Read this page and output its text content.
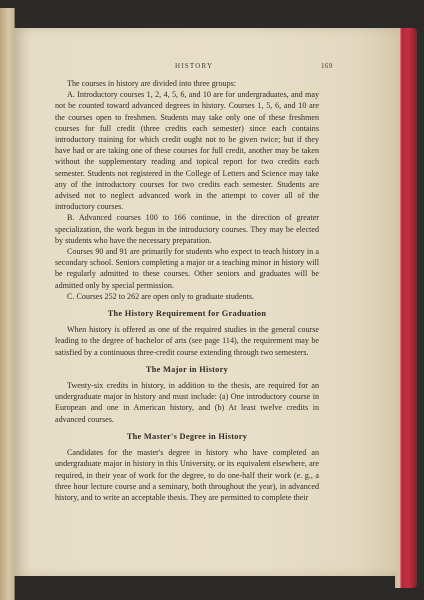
HISTORY	169

The courses in history are divided into three groups:

A. Introductory courses 1, 2, 4, 5, 6, and 10 are for undergraduates, and may not be counted toward advanced degrees in history. Courses 1, 5, 6, and 10 are the courses open to freshmen. Students may take only one of these freshmen courses for full credit (three credits each semester) since each contains introductory training for which credit ought not to be given twice; but if they have had or are taking one of these courses for full credit, another may be taken without the supplementary reading and topical report for two credits each semester. Students not registered in the College of Letters and Science may take any of the introductory courses for two credits each semester. Students are advised not to neglect advanced work in the attempt to cover all of the introductory courses.

B. Advanced courses 100 to 166 continue, in the direction of greater specialization, the work begun in the introductory courses. They may be elected by students who have the necessary preparation.

Courses 90 and 91 are primarily for students who expect to teach history in a secondary school. Seniors completing a major or a teaching minor in history will be regularly admitted to these courses. Other seniors and graduates will be admitted only by special permission.

C. Courses 252 to 262 are open only to graduate students.

The History Requirement for Graduation

When history is offered as one of the required studies in the general course leading to the degree of bachelor of arts (see page 114), the requirement may be satisfied by a continuous three-credit course extending through two semesters.

The Major in History

Twenty-six credits in history, in addition to the thesis, are required for an undergraduate major in history and must include: (a) One introductory course in European and one in American history, and (b) At least twelve credits in advanced courses.

The Master's Degree in History

Candidates for the master's degree in history who have completed an undergraduate major in history in this University, or its equivalent elsewhere, are required, in their year of work for the degree, to do one-half their work (e. g., a three hour lecture course and a seminary, both throughout the year), in advanced history, and to write an acceptable thesis. They are permitted to complete their
